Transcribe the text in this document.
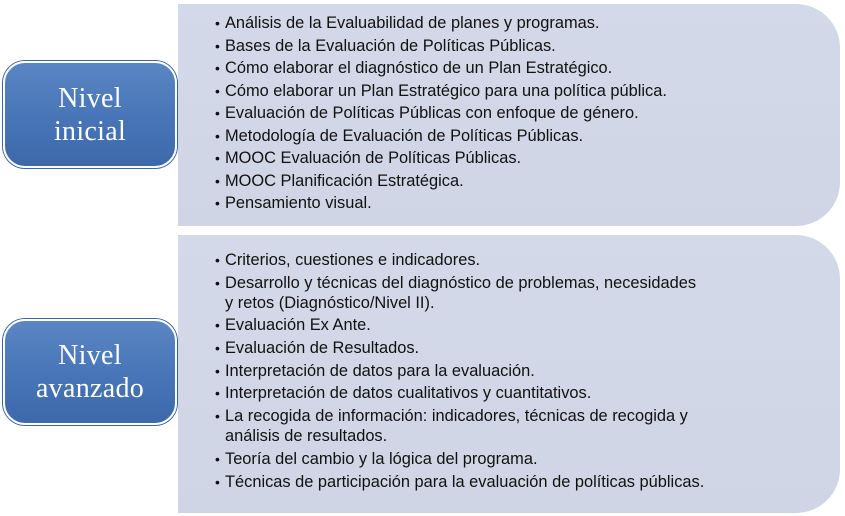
• Análisis de la Evaluabilidad de planes y programas.
• Bases de la Evaluación de Políticas Públicas.
• Cómo elaborar el diagnóstico de un Plan Estratégico.
• Cómo elaborar un Plan Estratégico para una política pública.
• Evaluación de Políticas Públicas con enfoque de género.
• Metodología de Evaluación de Políticas Públicas.
• MOOC Evaluación de Políticas Públicas.
• MOOC Planificación Estratégica.
• Pensamiento visual.
• Criterios, cuestiones e indicadores.
• Desarrollo y técnicas del diagnóstico de problemas, necesidades
y retos (Diagnóstico/Nivel II).
• Evaluación Ex Ante.
• Evaluación de Resultados.
• Interpretación de datos para la evaluación.
• Interpretación de datos cualitativos y cuantitativos.
• La recogida de información: indicadores, técnicas de recogida y
análisis de resultados.
• Teoría del cambio y la lógica del programa.
• Técnicas de participación para la evaluación de políticas públicas.
Nivel
inicial
Nivel
avanzado
